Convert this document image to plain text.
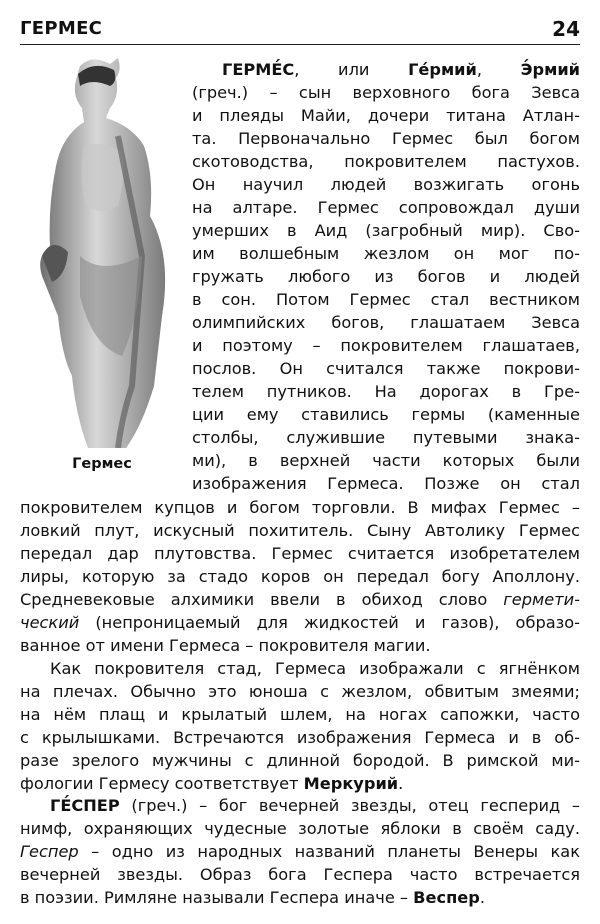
ГЕРМЕС	24
Гермес
ГЕРМЕ́С, или Ге́рмий, Э́рмий
(греч.) – сын верховного бога Зевса
и плеяды Майи, дочери титана Атлан-
та. Первоначально Гермес был богом
скотоводства, покровителем пастухов.
Он научил людей возжигать огонь
на алтаре. Гермес сопровождал души
умерших в Аид (загробный мир). Сво-
им волшебным жезлом он мог по-
гружать любого из богов и людей
в сон. Потом Гермес стал вестником
олимпийских богов, глашатаем Зевса
и поэтому – покровителем глашатаев,
послов. Он считался также покрови-
телем путников. На дорогах в Гре-
ции ему ставились гермы (каменные
столбы, служившие путевыми знака-
ми), в верхней части которых были
изображения Гермеса. Позже он стал
покровителем купцов и богом торговли. В мифах Гермес –
ловкий плут, искусный похититель. Сыну Автолику Гермес
передал дар плутовства. Гермес считается изобретателем
лиры, которую за стадо коров он передал богу Аполлону.
Средневековые алхимики ввели в обиход слово гермети-
ческий (непроницаемый для жидкостей и газов), образо-
ванное от имени Гермеса – покровителя магии.
Как покровителя стад, Гермеса изображали с ягнёнком
на плечах. Обычно это юноша с жезлом, обвитым змеями;
на нём плащ и крылатый шлем, на ногах сапожки, часто
с крылышками. Встречаются изображения Гермеса и в об-
разе зрелого мужчины с длинной бородой. В римской ми-
фологии Гермесу соответствует Меркурий.
ГЕ́СПЕР (греч.) – бог вечерней звезды, отец гесперид –
нимф, охраняющих чудесные золотые яблоки в своём саду.
Геспер – одно из народных названий планеты Венеры как
вечерней звезды. Образ бога Геспера часто встречается
в поэзии. Римляне называли Геспера иначе – Веспер.
